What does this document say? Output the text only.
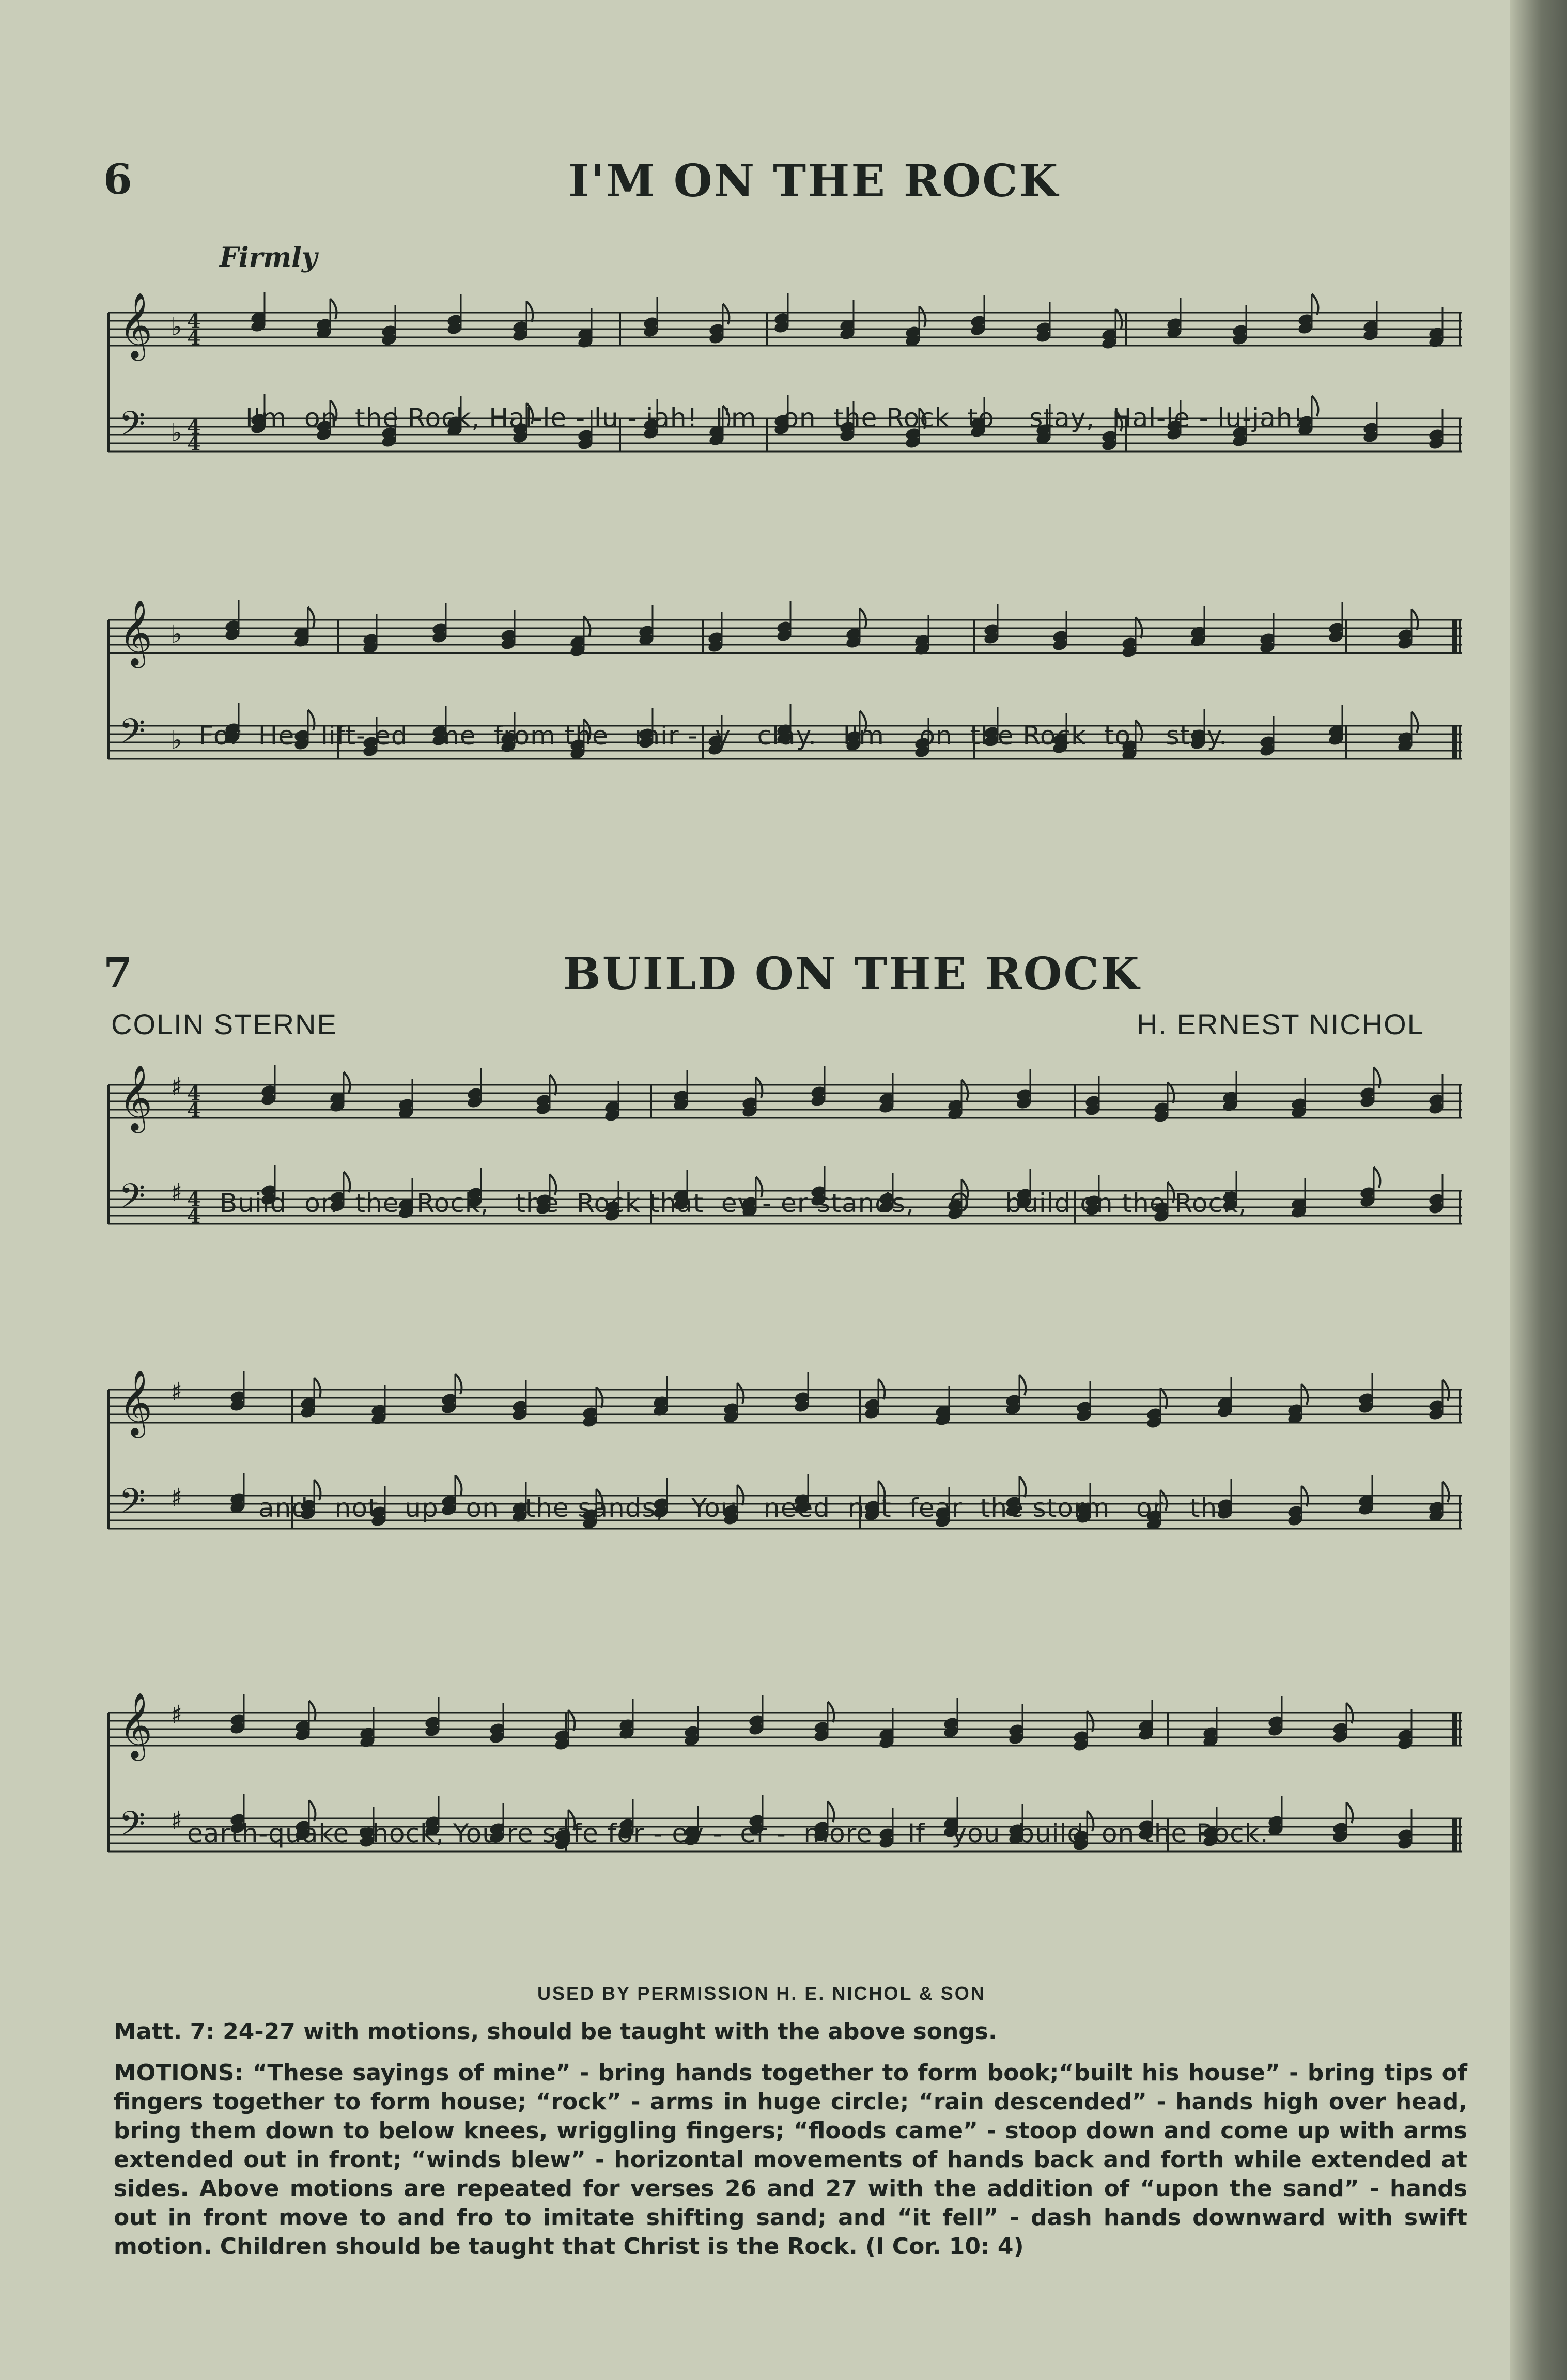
6	I'M ON THE ROCK
Firmly
𝄞 ♭ 4
4
𝄢 ♭ 4
4
I'm  on  the Rock, Hal-le - lu - jah!  I'm   on  the Rock  to    stay,  Hal-le - lu-jah!
𝄞 ♭
𝄢 ♭ For  He   lift- ed   me  from the   mir -  y   clay.   I'm    on  the Rock  to    stay.
7	BUILD ON THE ROCK
COLIN STERNE	H. ERNEST NICHOL
𝄞 ♯ 4
4
𝄢 ♯ 4
4 Build  on  the  Rock,   the  Rock that  ev - er stands,    O    build on the Rock,
𝄞 ♯
𝄢 ♯	and   not   up - on   the sands;   You   need  not  fear  the storm   or   the
𝄞 ♯
𝄢 ♯ earth-quake shock, You're safe for - ev -  er -  more    If   you  build  on the Rock.
USED BY PERMISSION H. E. NICHOL & SON
Matt. 7: 24-27 with motions, should be taught with the above songs.
MOTIONS: “These sayings of mine” - bring hands together to form book;“built his house” - bring tips of fingers together to form house; “rock” - arms in huge circle; “rain descended” - hands high over head, bring them down to below knees, wriggling fingers; “floods came” - stoop down and come up with arms extended out in front; “winds blew” - horizontal movements of hands back and forth while extended at sides. Above motions are repeated for verses 26 and 27 with the addition of “upon the sand” - hands out in front move to and fro to imitate shifting sand; and “it fell” - dash hands downward with swift motion. Children should be taught that Christ is the Rock. (I Cor. 10: 4)
